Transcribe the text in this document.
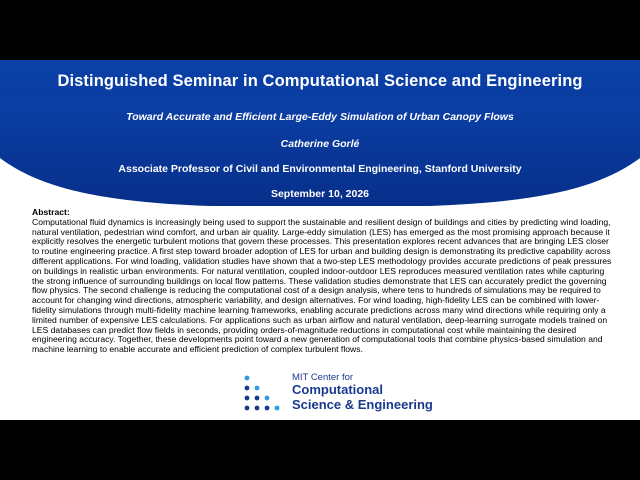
Distinguished Seminar in Computational Science and Engineering
Toward Accurate and Efficient Large-Eddy Simulation of Urban Canopy Flows
Catherine Gorlé
Associate Professor of Civil and Environmental Engineering, Stanford University
September 10, 2026
Abstract:
Computational fluid dynamics is increasingly being used to support the sustainable and resilient design of buildings and cities by predicting wind loading, natural ventilation, pedestrian wind comfort, and urban air quality. Large-eddy simulation (LES) has emerged as the most promising approach because it explicitly resolves the energetic turbulent motions that govern these processes. This presentation explores recent advances that are bringing LES closer to routine engineering practice. A first step toward broader adoption of LES for urban and building design is demonstrating its predictive capability across different applications. For wind loading, validation studies have shown that a two-step LES methodology provides accurate predictions of peak pressures on buildings in realistic urban environments. For natural ventilation, coupled indoor-outdoor LES reproduces measured ventilation rates while capturing the strong influence of surrounding buildings on local flow patterns. These validation studies demonstrate that LES can accurately predict the governing flow physics. The second challenge is reducing the computational cost of a design analysis, where tens to hundreds of simulations may be required to account for changing wind directions, atmospheric variability, and design alternatives. For wind loading, high-fidelity LES can be combined with lower-fidelity simulations through multi-fidelity machine learning frameworks, enabling accurate predictions across many wind directions while requiring only a limited number of expensive LES calculations. For applications such as urban airflow and natural ventilation, deep-learning surrogate models trained on LES databases can predict flow fields in seconds, providing orders-of-magnitude reductions in computational cost while maintaining the desired engineering accuracy. Together, these developments point toward a new generation of computational tools that combine physics-based simulation and machine learning to enable accurate and efficient prediction of complex turbulent flows.
MIT Center for
Computational
Science & Engineering
